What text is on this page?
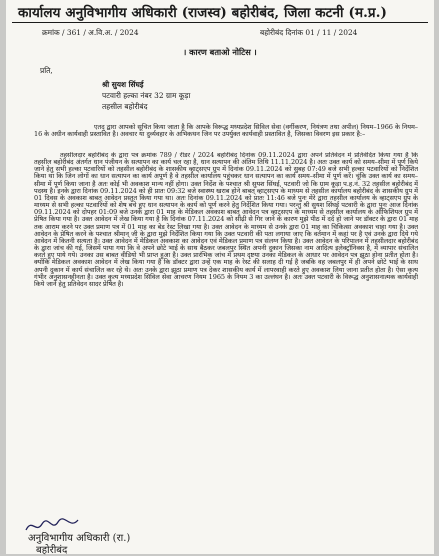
कार्यालय अनुविभागीय अधिकारी (राजस्व) बहोरीबंद, जिला कटनी (म.प्र.)
क्रमांक / 361 / अ.वि.अ. / 2024	बहोरीबंद दिनांक 01 / 11 / 2024
। कारण बताओ नोटिस ।
प्रति,
श्री सुयश सिंघई
पटवारी हल्का नंबर 32 ग्राम कूड़ा
तहसील बहोरीबंद
एतद् द्वारा आपको सूचित किया जाता है कि आपके विरूद्ध मध्यप्रदेश सिविल सेवा (वर्गीकरण, नियंत्रण तथा अपील) नियम–1966 के नियम–16 के अधीन कार्यवाही प्रस्तावित है। अवचार या दुर्व्यवहार के अभिकथन जिन पर उपर्युक्त कार्यवाही प्रस्तावित है, जिसका विवरण इस प्रकार है:–
तहसीलदार बहोरीबंद के द्वारा पत्र क्रमांक 789 / रीडर / 2024 बहोरीबंद दिनांक 09.11.2024 द्वारा अपने प्रतिवेदन में प्रतिवेदित किया गया है कि तहसील बहोरीबंद अंतर्गत धान पंजीयन के सत्यापन का कार्य चल रहा है, धान सत्यापन की अंतिम तिथि 11.11.2024 है। अतः उक्त कार्य को समय–सीमा में पूर्ण किये जाने हेतु सभी हल्का पटवारियों को तहसील बहोरीबंद के शासकीय व्हाट्सएप ग्रुप में दिनांक 09.11.2024 को सुबह 07:49 बजे सभी हल्का पटवारियों को निर्देशित किया था कि जिन लोगों का धान सत्यापन का कार्य अपूर्ण है वे तहसील कार्यालय पहुंचकर धान सत्यापन का कार्य समय–सीमा में पूर्ण करें। चूंकि उक्त कार्य का समय–सीमा में पूर्ण किया जाना है अतः कोई भी अवकाश मान्य नहीं होगा। उक्त निर्देश के पश्चात श्री सुयश सिंघई, पटवारी जो कि ग्राम कूड़ा प.ह.नं. 32 तहसील बहोरीबंद में पदस्थ है। इनके द्वारा दिनांक 09.11.2024 को ही प्रातः 09:32 बजे स्वास्थ्य खराब होने बाबत् व्हाट्सएप के माध्यम से तहसील कार्यालय बहोरीबंद के शासकीय ग्रुप में 01 दिवस के अवकाश बाबत् आवेदन प्रस्तुत किया गया था। अतः दिनांक 09.11.2024 को प्रातः 11:46 बजे पुनः मेरे द्वारा तहसील कार्यालय के व्हाट्सएप ग्रुप के माध्यम से सभी हल्का पटवारियों को शेष बचे हुए धान सत्यापन के कार्य को पूर्ण करने हेतु निर्देशित किया गया। परन्तु श्री सुयश सिंघई पटवारी के द्वारा पुनः आज दिनांक 09.11.2024 को दोपहर 01:09 बजे उनके द्वारा 01 माह के मेडिकल अवकाश बाबत् आवेदन पत्र व्हाट्सएप के माध्यम से तहसील कार्यालय के ऑफिशियल ग्रुप में प्रेषित किया गया है। उक्त आवेदन में लेख किया गया है कि दिनांक 07.11.2024 को सीढ़ी से गिर जाने के कारण मुझे पीठ में दर्द हो जाने पर डॉक्टर के द्वारा 01 माह तक आराम करने पर उक्त प्रमाण पत्र में 01 माह का बेड रेस्ट लिखा गया है। उक्त आवेदन के माध्यम से उनके द्वारा 01 माह का चिकित्सा अवकाश चाहा गया है। उक्त आवेदन के प्रेषित करने के पश्चात श्रीमान् जी के द्वारा मुझे निर्देशित किया गया कि उक्त पटवारी की पता लगाया जाए कि वर्तमान में कहां पर है एवं उनके द्वारा दिये गये आवेदन में कितनी सत्यता है। उक्त आवेदन में मेडिकल अवकाश का आवेदन एवं मेडिकल प्रमाण पत्र संलग्न किया है। उक्त आवेदन के परिपालन में तहसीलदार बहोरीबंद के द्वारा जांच की गई, जिसमें पाया गया कि वे अपने छोटे भाई के साथ बैठकर जबलपुर स्थित अपनी दुकान जिसका नाम आदित्य इलेक्ट्रॉनिक्स है, में व्यापार संचालित करते हुए पाये गये। उनका उस बाबत वीडियो भी प्राप्त हुआ है। उक्त प्रारंभिक जांच में प्रथम दृष्टया उनका मेडिकल के आधार पर आवेदन पत्र झूठा होना प्रतीत होता है। क्योंकि मेडिकल अवकाश आवेदन में लेख किया गया है कि डॉक्टर द्वारा उन्हें एक माह के रेस्ट की सलाह दी गई है जबकि वह जबलपुर में ही अपने छोटे भाई के साथ अपनी दुकान में कार्य संचालित कर रहे थे। अतः उनके द्वारा झूठा प्रमाण पत्र देकर शासकीय कार्य में लापरवाही करते हुए अवकाश लिया जाना प्रतीत होता है। ऐसा कृत्य गंभीर अनुशासनहीनता है। उक्त कृत्य मध्यप्रदेश सिविल सेवा आचरण नियम 1965 के नियम 3 का उल्लंघन है। अतः उक्त पटवारी के विरूद्ध अनुशासनात्मक कार्यवाही किये जाने हेतु प्रतिवेदन सादर प्रेषित है।
अनुविभागीय अधिकारी (रा.)
बहोरीबंद
